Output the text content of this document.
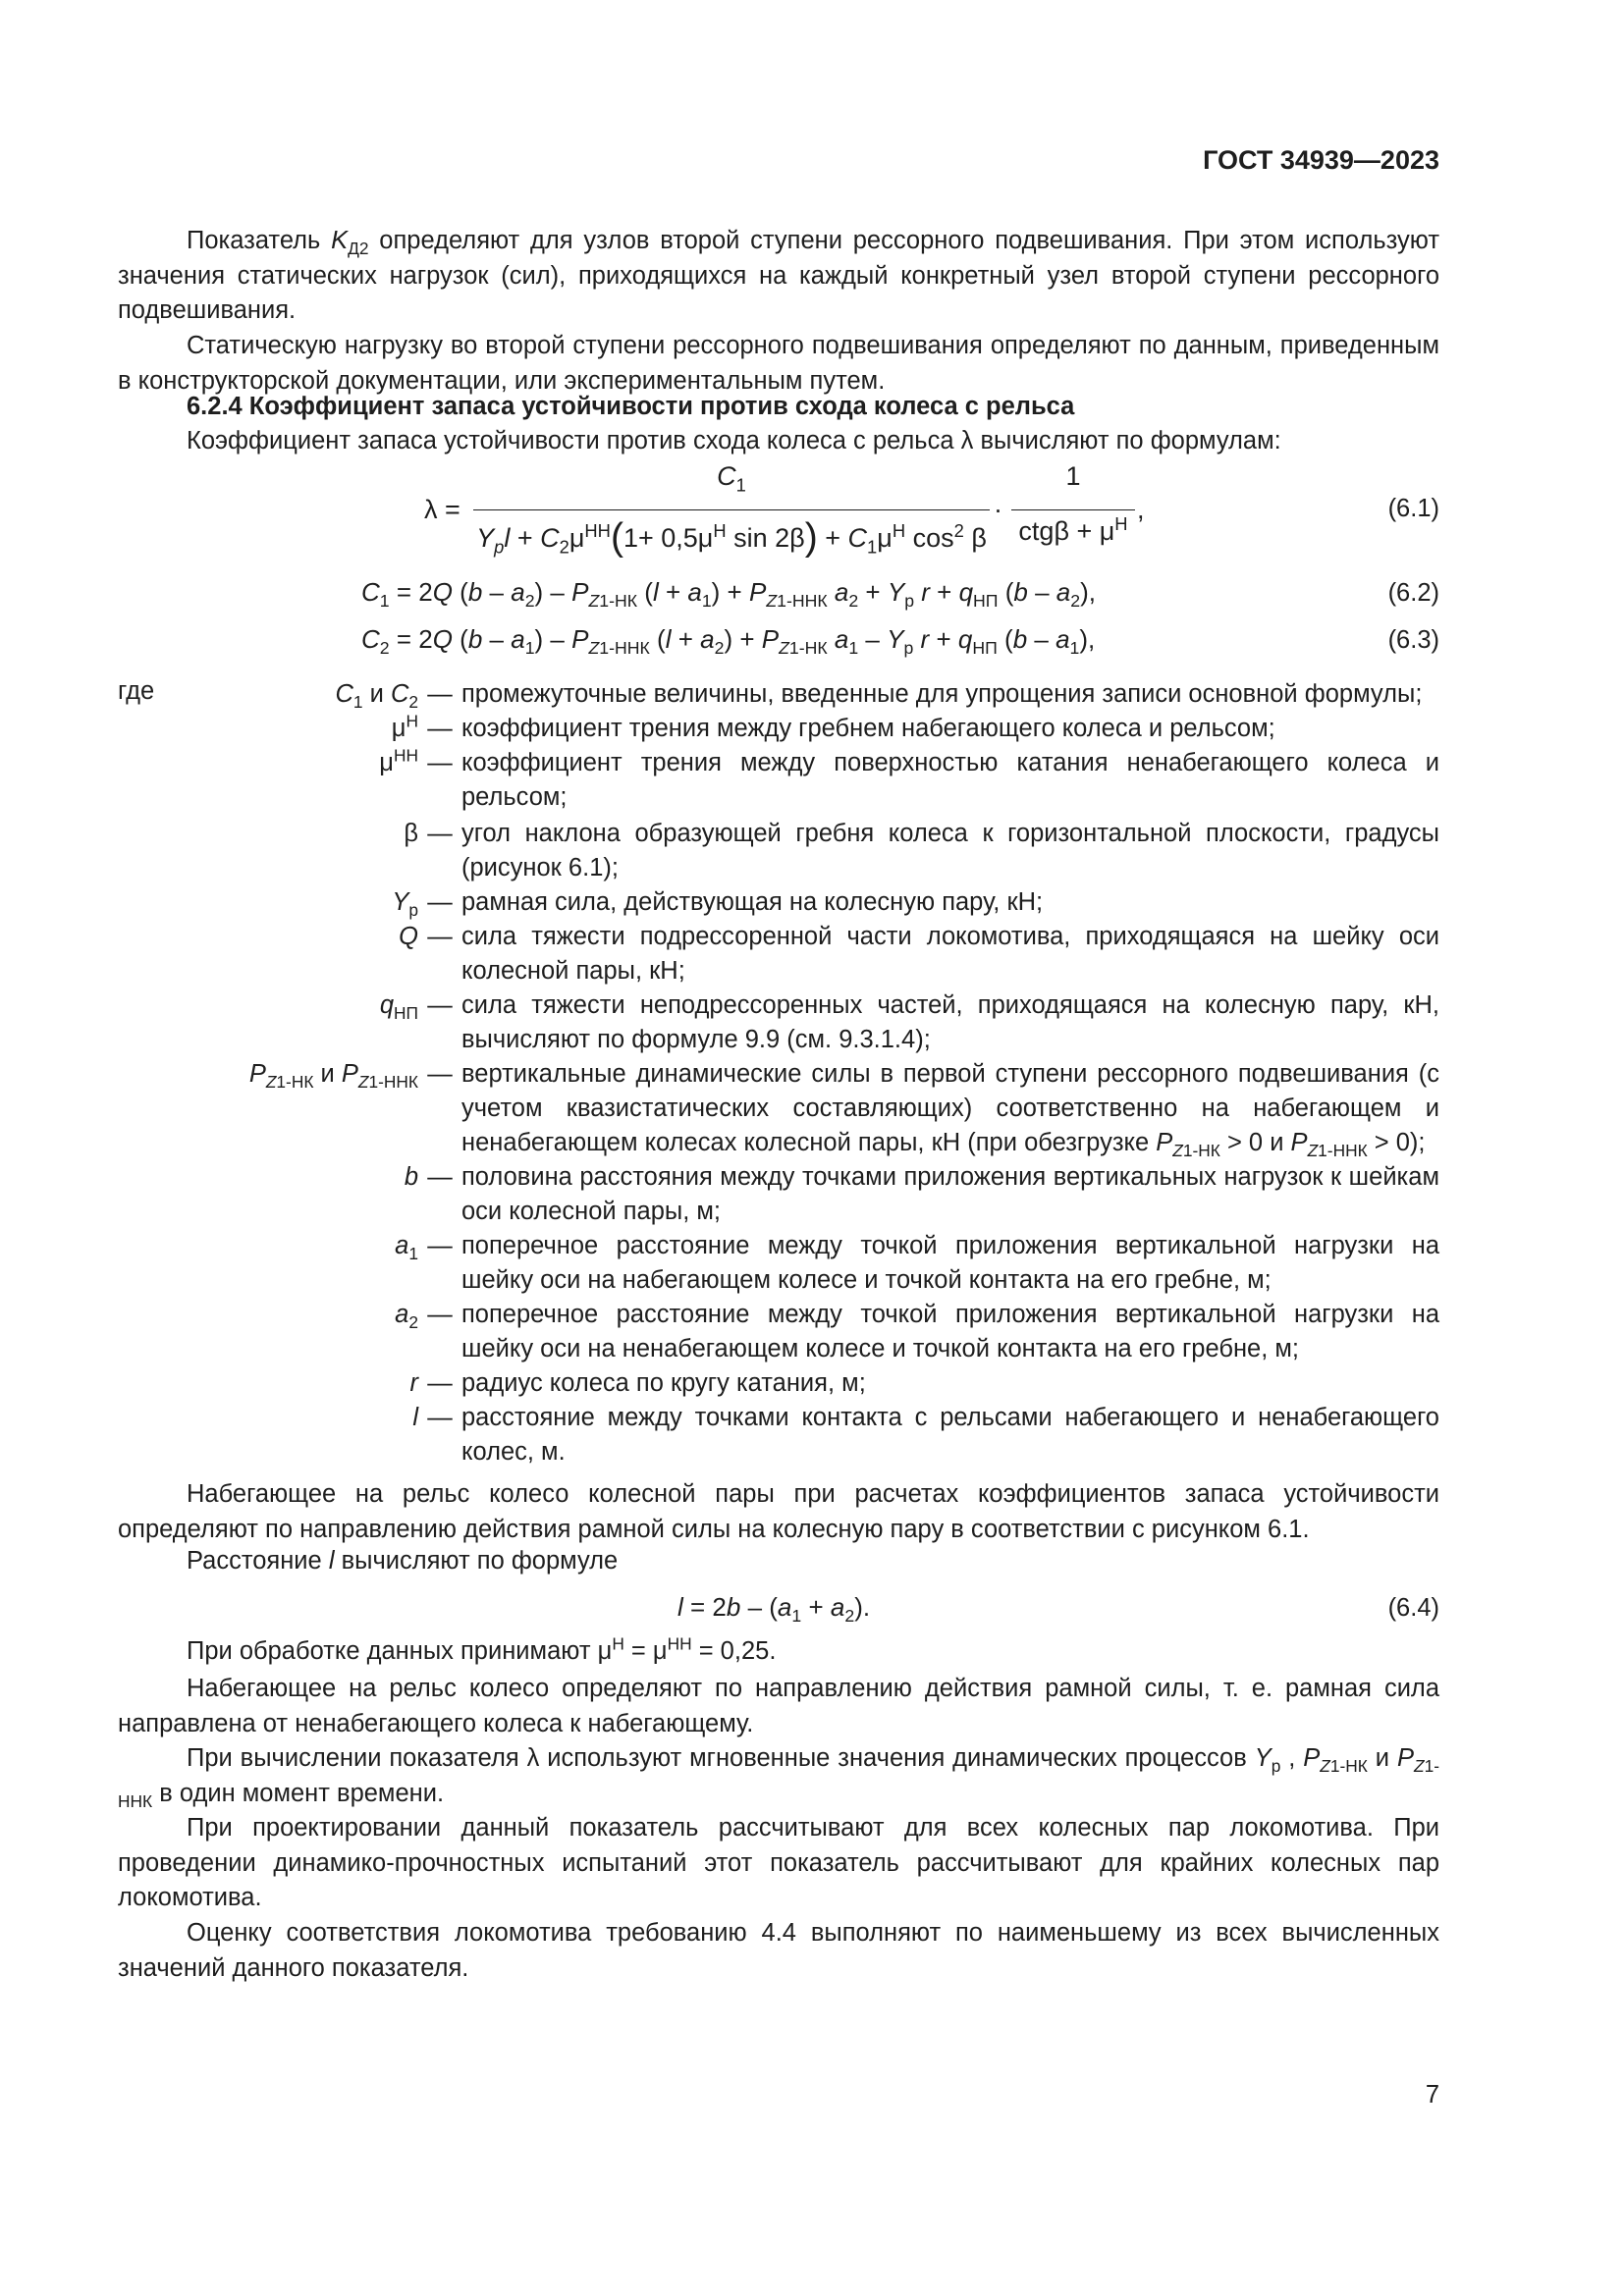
ГОСТ 34939—2023

Показатель $K_{Д2}$ определяют для узлов второй ступени рессорного подвешивания. При этом используют значения статических нагрузок (сил), приходящихся на каждый конкретный узел второй ступени рессорного подвешивания.

Статическую нагрузку во второй ступени рессорного подвешивания определяют по данным, приведенным в конструкторской документации, или экспериментальным путем.

6.2.4 Коэффициент запаса устойчивости против схода колеса с рельса
Коэффициент запаса устойчивости против схода колеса с рельса λ вычисляют по формулам:
λ =
$C_1$
$Y_pl + C_2\mu^{НН}(1+ 0,5\mu^Н$ $\sin 2\beta) + C_1\mu^Н$ $\cos^2 \beta$
·
1
$ctg\beta + \mu^Н$ ,	(6.1)
$C_1 = 2Q$ $(b - a_2) - P_{Z1-НК}$ $(l + a_1) + P_{Z1-ННК}$ $a_2 + Y_р$ $r + q_{НП}$ $(b - a_2)$,	(6.2)
$C_2 = 2Q$ $(b - a_1) - P_{Z1-ННК}$ $(l + a_2) + P_{Z1-НК}$ $a_1 - Y_р$ $r + q_{НП}$ $(b - a_1)$,	(6.3)
где	$C_1$ и $C_2$ — промежуточные величины, введенные для упрощения записи основной формулы;
$\mu^Н$ — коэффициент трения между гребнем набегающего колеса и рельсом;
$\mu^{НН}$ — коэффициент трения между поверхностью катания ненабегающего колеса и рельсом;
β — угол наклона образующей гребня колеса к горизонтальной плоскости, градусы (рисунок 6.1);
$Y_р$ — рамная сила, действующая на колесную пару, кН;
Q — сила тяжести подрессоренной части локомотива, приходящаяся на шейку оси колесной пары, кН;
$q_{НП}$ — сила тяжести неподрессоренных частей, приходящаяся на колесную пару, кН, вычисляют по формуле 9.9 (см. 9.3.1.4);
$P_{Z1-НК}$ и $P_{Z1-ННК}$ — вертикальные динамические силы в первой ступени рессорного подвешивания (с учетом квазистатических составляющих) соответственно на набегающем и ненабегающем колесах колесной пары, кН (при обезгрузке $P_{Z1-НК} > 0$ и $P_{Z1-ННК} > 0$);
b — половина расстояния между точками приложения вертикальных нагрузок к шейкам оси колесной пары, м;
$a_1$ — поперечное расстояние между точкой приложения вертикальной нагрузки на шейку оси на набегающем колесе и точкой контакта на его гребне, м;
$a_2$ — поперечное расстояние между точкой приложения вертикальной нагрузки на шейку оси на ненабегающем колесе и точкой контакта на его гребне, м;
r — радиус колеса по кругу катания, м;
l — расстояние между точками контакта с рельсами набегающего и ненабегающего колес, м.

Набегающее на рельс колесо колесной пары при расчетах коэффициентов запаса устойчивости определяют по направлению действия рамной силы на колесную пару в соответствии с рисунком 6.1.

Расстояние l вычисляют по формуле
$l = 2b - (a_1 + a_2)$.	(6.4)
При обработке данных принимают $\mu^Н = \mu^{НН} = 0,25$.

Набегающее на рельс колесо определяют по направлению действия рамной силы, т. е. рамная сила направлена от ненабегающего колеса к набегающему.

При вычислении показателя λ используют мгновенные значения динамических процессов $Y_р$ , $P_{Z1-НК}$ и $P_{Z1-ННК}$ в один момент времени.

При проектировании данный показатель рассчитывают для всех колесных пар локомотива. При проведении динамико-прочностных испытаний этот показатель рассчитывают для крайних колесных пар локомотива.

Оценку соответствия локомотива требованию 4.4 выполняют по наименьшему из всех вычисленных значений данного показателя.

7
